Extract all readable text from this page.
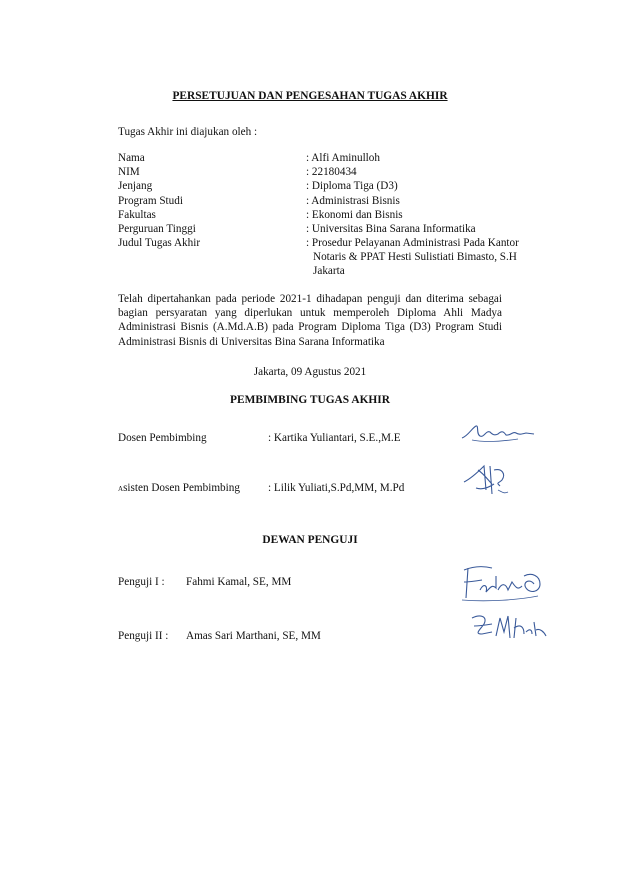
PERSETUJUAN DAN PENGESAHAN TUGAS AKHIR
Tugas Akhir ini diajukan oleh :
Nama	: Alfi Aminulloh
NIM	: 22180434
Jenjang	: Diploma Tiga (D3)
Program Studi	: Administrasi Bisnis
Fakultas	: Ekonomi dan Bisnis
Perguruan Tinggi	: Universitas Bina Sarana Informatika
Judul Tugas Akhir	: Prosedur Pelayanan Administrasi Pada Kantor
Notaris & PPAT Hesti Sulistiati Bimasto, S.H
Jakarta
Telah dipertahankan pada periode 2021-1 dihadapan penguji dan diterima sebagai bagian persyaratan yang diperlukan untuk memperoleh Diploma Ahli Madya Administrasi Bisnis (A.Md.A.B) pada Program Diploma Tiga (D3) Program Studi Administrasi Bisnis di Universitas Bina Sarana Informatika
Jakarta, 09 Agustus 2021
PEMBIMBING TUGAS AKHIR
Dosen Pembimbing	: Kartika Yuliantari, S.E.,M.E
Asisten Dosen Pembimbing	: Lilik Yuliati,S.Pd,MM, M.Pd
DEWAN PENGUJI
Penguji I : Fahmi Kamal, SE, MM
Penguji II : Amas Sari Marthani, SE, MM
